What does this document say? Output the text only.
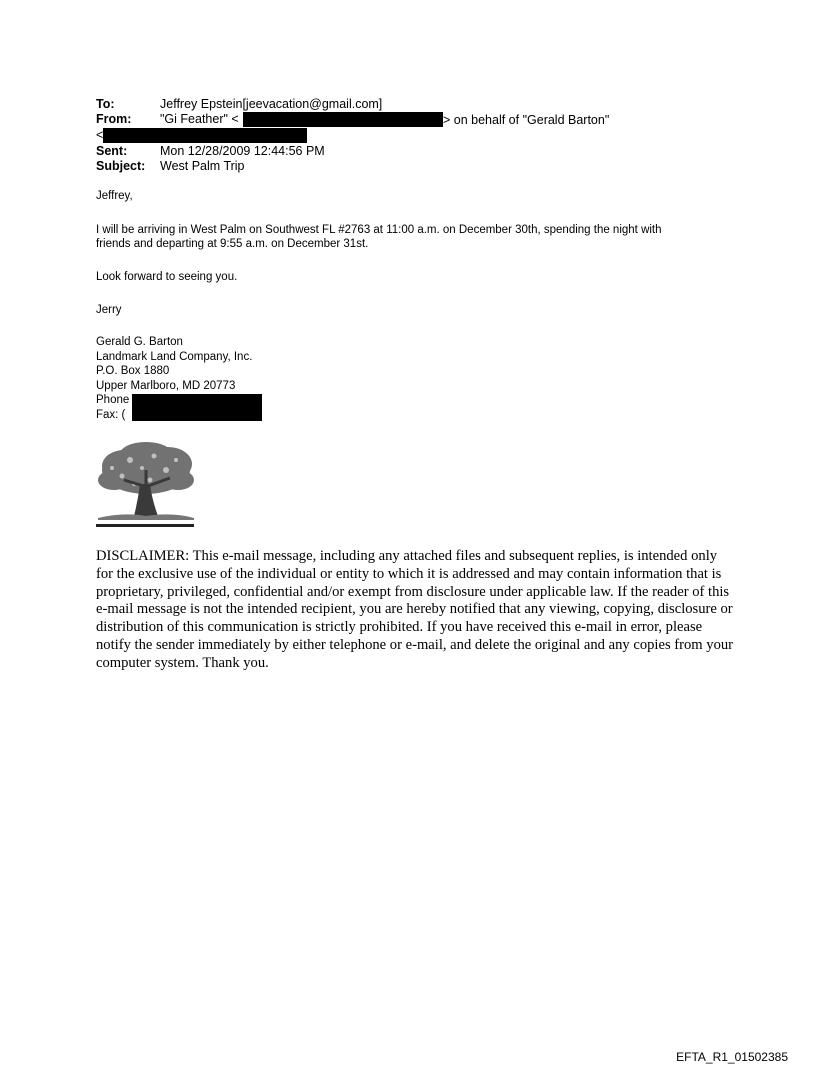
To:	Jeffrey Epstein[jeevacation@gmail.com]
From: "Gi Feather" <	> on behalf of "Gerald Barton"
<
Sent:	Mon 12/28/2009 12:44:56 PM
Subject: West Palm Trip
Jeffrey,
I will be arriving in West Palm on Southwest FL #2763 at 11:00 a.m. on December 30th, spending the night with
friends and departing at 9:55 a.m. on December 31st.
Look forward to seeing you.
Jerry
Gerald G. Barton
Landmark Land Company, Inc.
P.O. Box 1880
Upper Marlboro, MD 20773
Phone
Fax: (
DISCLAIMER: This e-mail message, including any attached files and subsequent replies, is intended only for the exclusive use of the individual or entity to which it is addressed and may contain information that is proprietary, privileged, confidential and/or exempt from disclosure under applicable law. If the reader of this e-mail message is not the intended recipient, you are hereby notified that any viewing, copying, disclosure or distribution of this communication is strictly prohibited. If you have received this e-mail in error, please notify the sender immediately by either telephone or e-mail, and delete the original and any copies from your computer system. Thank you.
EFTA_R1_01502385
